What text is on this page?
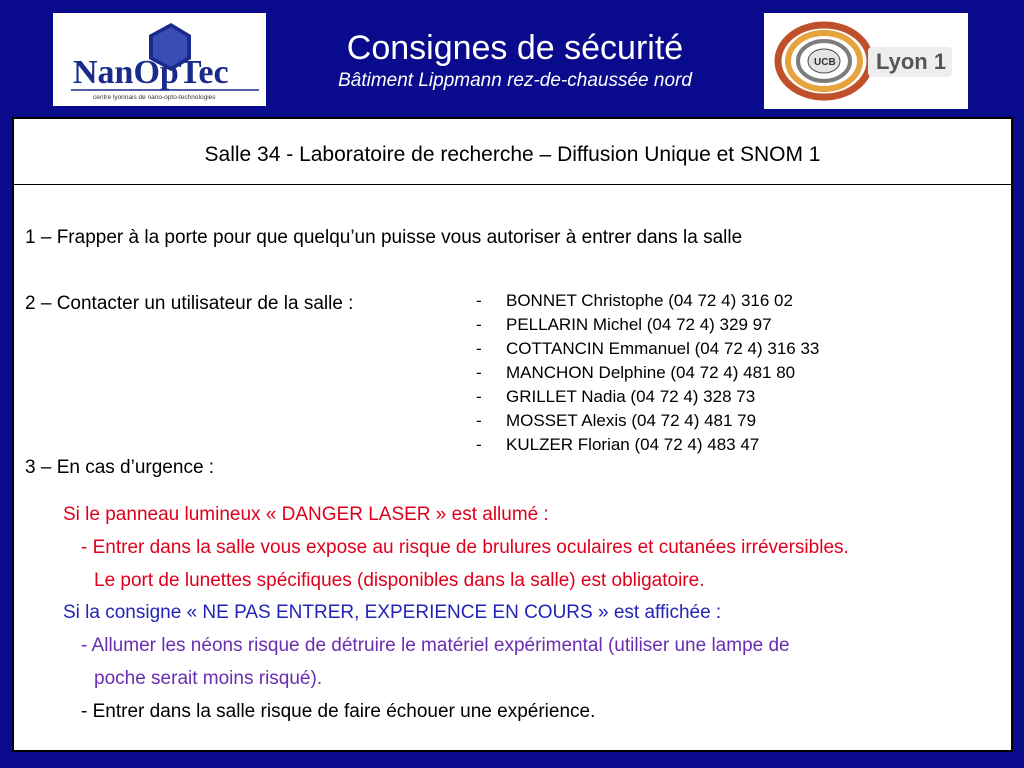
NanOpTec
centre lyonnais de nano-opto-technologies
Consignes de sécurité
Bâtiment Lippmann rez-de-chaussée nord
UCB Lyon 1
Salle 34 - Laboratoire de recherche – Diffusion Unique et SNOM 1
1 – Frapper à la porte pour que quelqu’un puisse vous autoriser à entrer dans la salle
2 – Contacter un utilisateur de la salle :	- BONNET Christophe (04 72 4) 316 02
- PELLARIN Michel (04 72 4) 329 97
- COTTANCIN Emmanuel (04 72 4) 316 33
- MANCHON Delphine (04 72 4) 481 80
- GRILLET Nadia (04 72 4) 328 73
- MOSSET Alexis (04 72 4) 481 79
- KULZER Florian (04 72 4) 483 47
3 – En cas d’urgence :
Si le panneau lumineux « DANGER LASER » est allumé :
- Entrer dans la salle vous expose au risque de brulures oculaires et cutanées irréversibles.
Le port de lunettes spécifiques (disponibles dans la salle) est obligatoire.
Si la consigne « NE PAS ENTRER, EXPERIENCE EN COURS » est affichée :
- Allumer les néons risque de détruire le matériel expérimental (utiliser une lampe de
poche serait moins risqué).
- Entrer dans la salle risque de faire échouer une expérience.
